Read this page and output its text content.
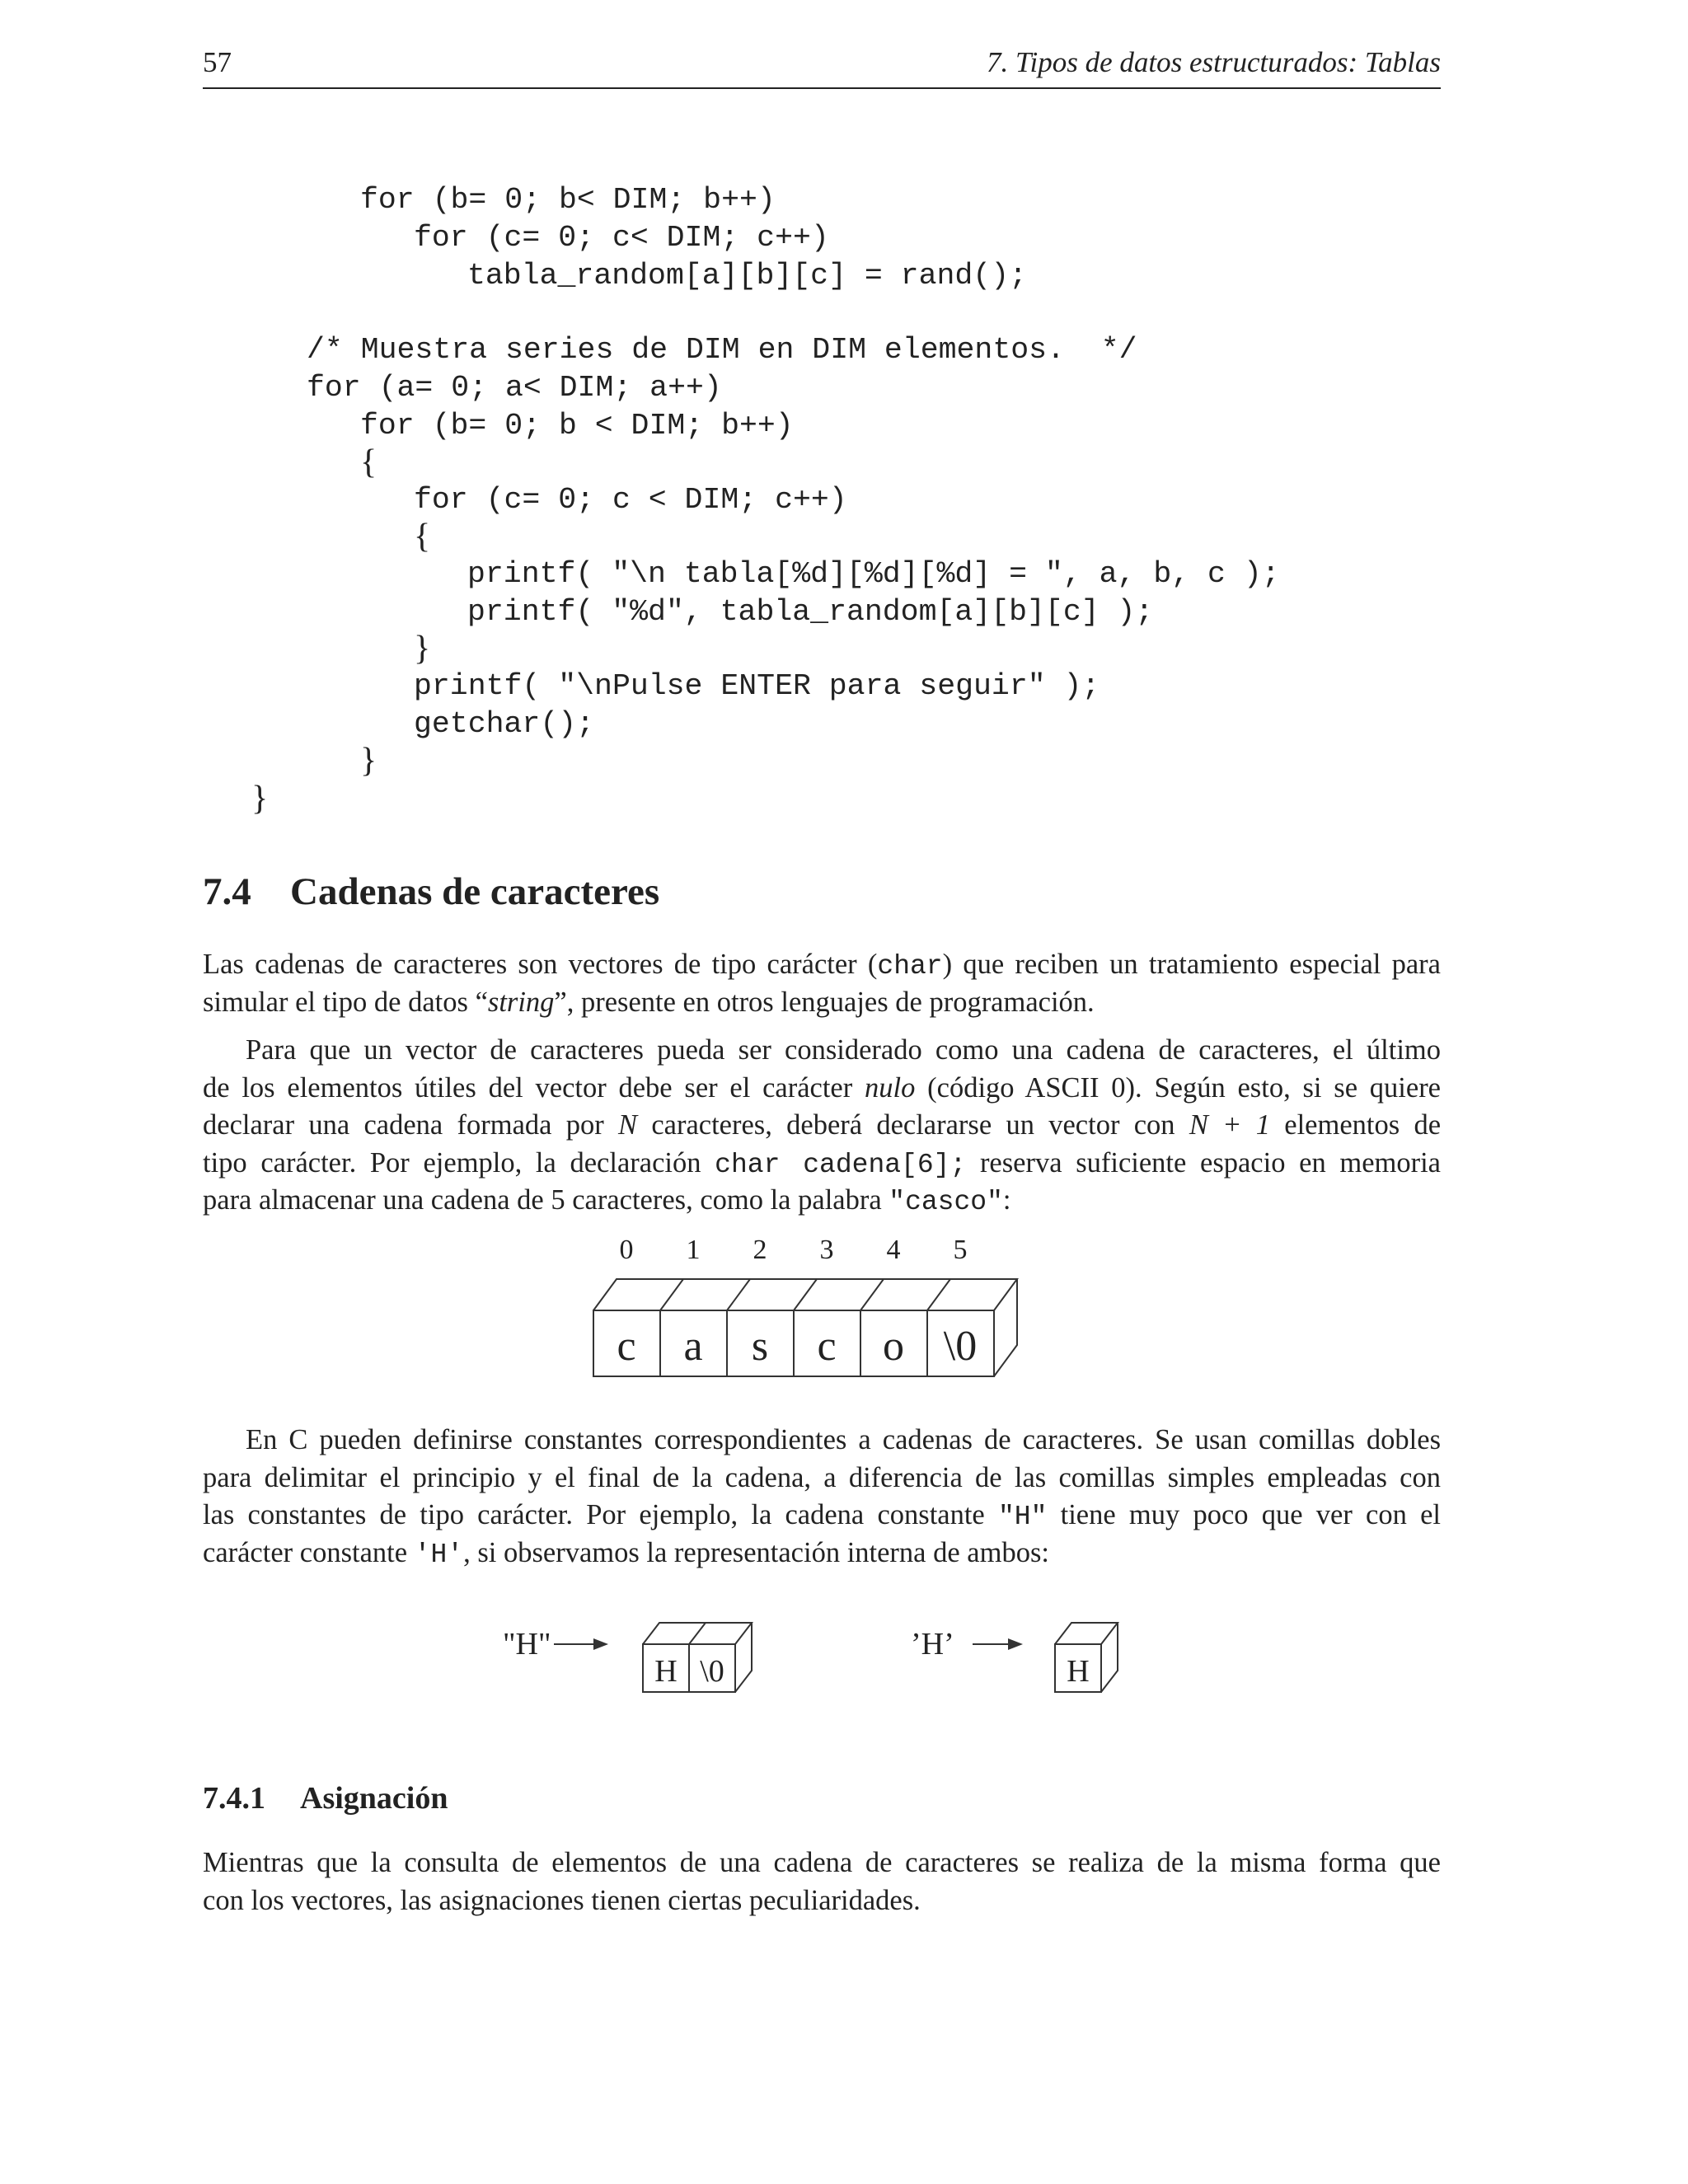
57	7. Tipos de datos estructurados: Tablas
for (b= 0; b< DIM; b++)
for (c= 0; c< DIM; c++)
tabla_random[a][b][c] = rand();
/* Muestra series de DIM en DIM elementos.  */
for (a= 0; a< DIM; a++)
for (b= 0; b < DIM; b++)
{
for (c= 0; c < DIM; c++)
{
printf( "\n tabla[%d][%d][%d] = ", a, b, c );
printf( "%d", tabla_random[a][b][c] );
}
printf( "\nPulse ENTER para seguir" );
getchar();
}
}
7.4 Cadenas de caracteres
Las cadenas de caracteres son vectores de tipo carácter (char) que reciben un tratamiento especial para
simular el tipo de datos “string”, presente en otros lenguajes de programación.
Para que un vector de caracteres pueda ser considerado como una cadena de caracteres, el último
de los elementos útiles del vector debe ser el carácter nulo (código ASCII 0). Según esto, si se quiere
declarar una cadena formada por N caracteres, deberá declararse un vector con N + 1 elementos de
tipo carácter. Por ejemplo, la declaración char cadena[6]; reserva suficiente espacio en memoria
para almacenar una cadena de 5 caracteres, como la palabra "casco":
0 1 2 3 4 5
c a s c o \0
En C pueden definirse constantes correspondientes a cadenas de caracteres. Se usan comillas dobles
para delimitar el principio y el final de la cadena, a diferencia de las comillas simples empleadas con
las constantes de tipo carácter. Por ejemplo, la cadena constante "H" tiene muy poco que ver con el
carácter constante 'H', si observamos la representación interna de ambos:
"H"
H \0
’H’
H
7.4.1 Asignación
Mientras que la consulta de elementos de una cadena de caracteres se realiza de la misma forma que
con los vectores, las asignaciones tienen ciertas peculiaridades.
